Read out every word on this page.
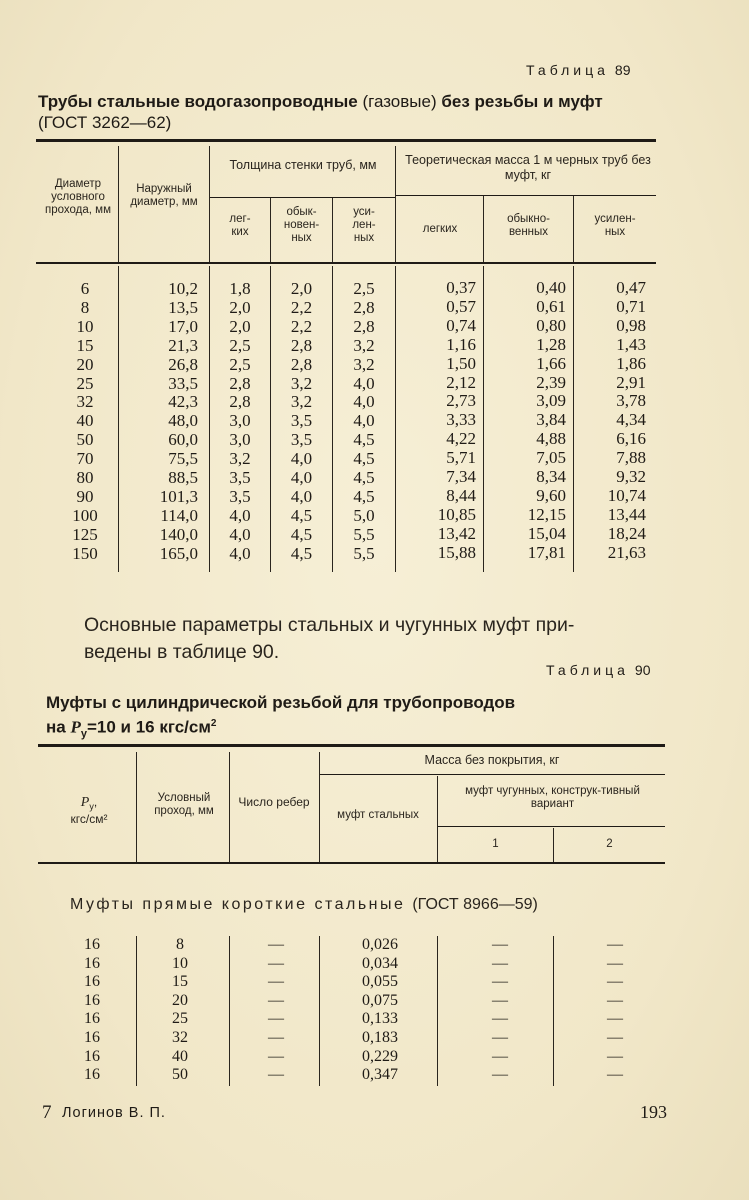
Таблица 89
Трубы стальные водогазопроводные (газовые) без резьбы и муфт
(ГОСТ 3262—62)
Диаметр условного прохода, мм
Наружный диаметр, мм
Толщина стенки труб, мм
лег-
ких
обык-
новен-
ных
уси-
лен-
ных
Теоретическая масса 1 м черных труб без муфт, кг
легких
обыкно-
венных
усилен-
ных
6
8
10
15
20
25
32
40
50
70
80
90
100
125
150
10,2
13,5
17,0
21,3
26,8
33,5
42,3
48,0
60,0
75,5
88,5
101,3
114,0
140,0
165,0
1,8
2,0
2,0
2,5
2,5
2,8
2,8
3,0
3,0
3,2
3,5
3,5
4,0
4,0
4,0
2,0
2,2
2,2
2,8
2,8
3,2
3,2
3,5
3,5
4,0
4,0
4,0
4,5
4,5
4,5
2,5
2,8
2,8
3,2
3,2
4,0
4,0
4,0
4,5
4,5
4,5
4,5
5,0
5,5
5,5
0,37
0,57
0,74
1,16
1,50
2,12
2,73
3,33
4,22
5,71
7,34
8,44
10,85
13,42
15,88
0,40
0,61
0,80
1,28
1,66
2,39
3,09
3,84
4,88
7,05
8,34
9,60
12,15
15,04
17,81
0,47
0,71
0,98
1,43
1,86
2,91
3,78
4,34
6,16
7,88
9,32
10,74
13,44
18,24
21,63
Основные параметры стальных и чугунных муфт при-
ведены в таблице 90.
Таблица 90
Муфты с цилиндрической резьбой для трубопроводов
на $P_у=10$ и 16 кгс/$см^2$
$P_у$,
кгс/см²
Условный проход, мм
Число ребер
Масса без покрытия, кг
муфт стальных
муфт чугунных, конструк-тивный вариант
1	2
Муфты прямые короткие стальные (ГОСТ 8966—59)
16
16
16
16
16
16
16
16
8
10
15
20
25
32
40
50
—
—
—
—
—
—
—
—
0,026
0,034
0,055
0,075
0,133
0,183
0,229
0,347
—
—
—
—
—
—
—
—
—
—
—
—
—
—
—
—
7 Логинов В. П.	193
